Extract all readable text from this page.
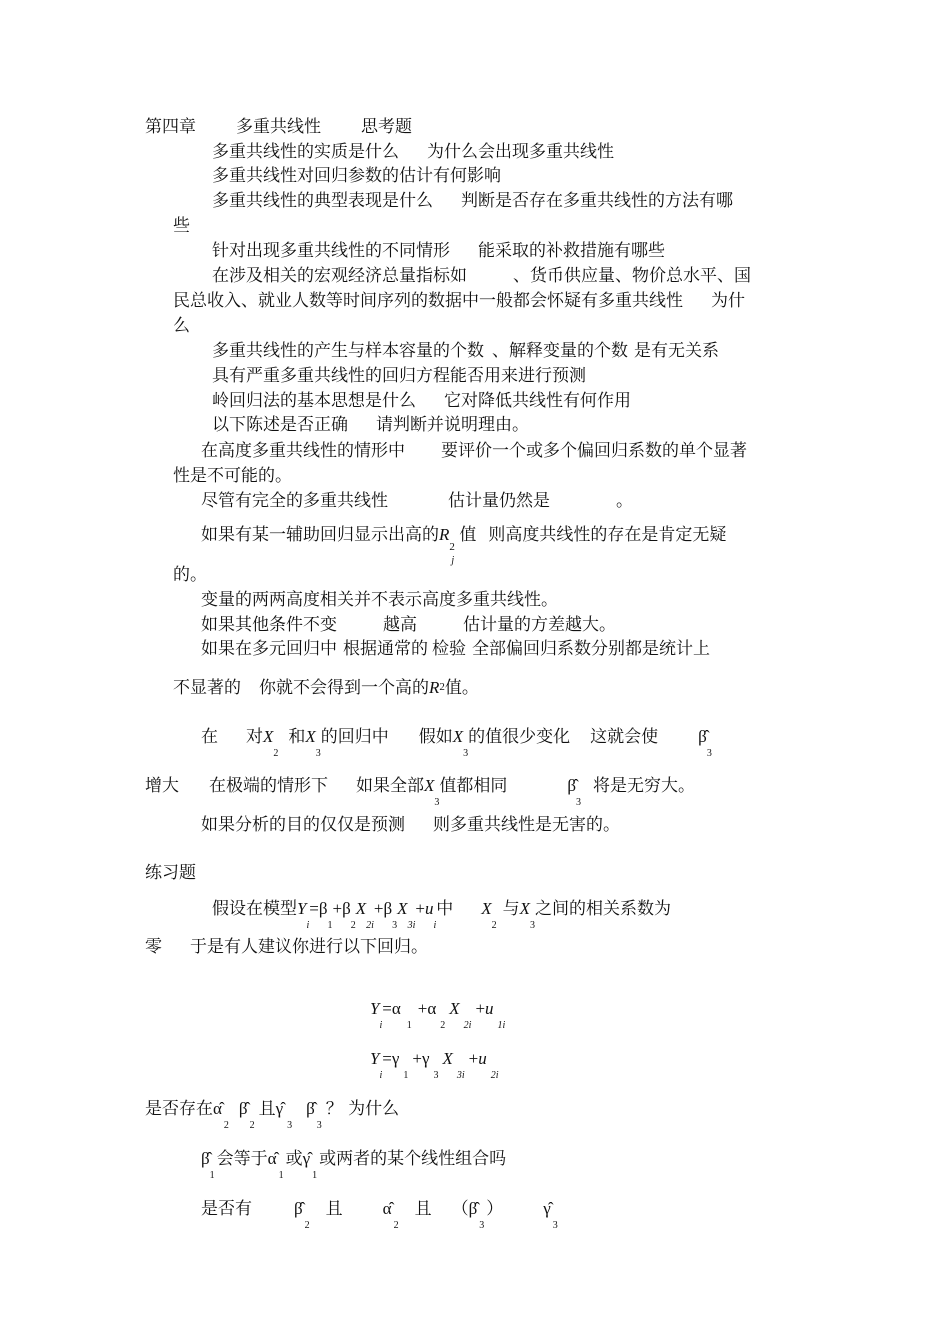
第四章 多重共线性 思考题
多重共线性的实质是什么 为什么会出现多重共线性
多重共线性对回归参数的估计有何影响
多重共线性的典型表现是什么 判断是否存在多重共线性的方法有哪
些
针对出现多重共线性的不同情形 能采取的补救措施有哪些
在涉及相关的宏观经济总量指标如	、货币供应量、物价总水平、国
民总收入、就业人数等时间序列的数据中一般都会怀疑有多重共线性 为什
么
多重共线性的产生与样本容量的个数 、解释变量的个数 是有无关系
具有严重多重共线性的回归方程能否用来进行预测
岭回归法的基本思想是什么 它对降低共线性有何作用
以下陈述是否正确 请判断并说明理由。
在高度多重共线性的情形中 要评价一个或多个偏回归系数的单个显著
性是不可能的。
尽管有完全的多重共线性	估计量仍然是	。
如果有某一辅助回归显示出高的R
2
j
值 则高度共线性的存在是肯定无疑
的。
变量的两两高度相关并不表示高度多重共线性。
如果其他条件不变	越高	估计量的方差越大。
如果在多元回归中 根据通常的 检验 全部偏回归系数分别都是统计上
不显著的 你就不会得到一个高的R2值。
在 对$X_2$和$X_3$的回归中 假如$X_3$的值很少变化 这就会使 $\betâ_3$
增大 在极端的情形下 如果全部$X_3$值都相同	$\betâ_3$将是无穷大。
如果分析的目的仅仅是预测 则多重共线性是无害的。
练习题
假设在模型$Y_i=\beta_1+\beta_2X_{2i}+\beta_3X_{3i}+u_i$中 $X_2$与$X_3$之间的相关系数为
零 于是有人建议你进行以下回归。
$Y_i=\alpha_1+\alpha_2X_{2i}+u_{1i}$
$Y_i=\gamma_1+\gamma_3X_{3i}+u_{2i}$
是否存在$\alphâ_2\betâ_2$且$\gammâ_3\betâ_3$？ 为什么
$\betâ_1$会等于$\alphâ_1$或$\gammâ_1$或两者的某个线性组合吗
是否有 $\betâ_2$且 $\alphâ_2$且 $(\betâ_3)$ $\gammâ_3$
